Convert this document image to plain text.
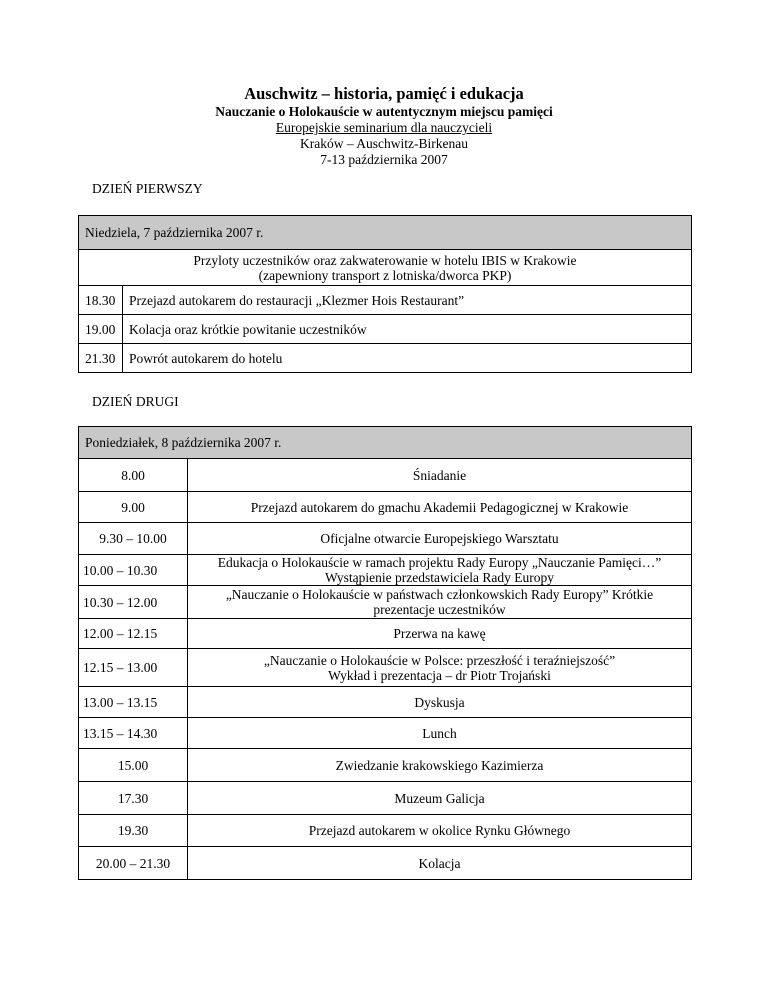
Auschwitz – historia, pamięć i edukacja
Nauczanie o Holokauście w autentycznym miejscu pamięci
Europejskie seminarium dla nauczycieli
Kraków – Auschwitz-Birkenau
7-13 października 2007
DZIEŃ PIERWSZY
Niedziela, 7 października 2007 r.	

Przyloty uczestników oraz zakwaterowanie w hotelu IBIS w Krakowie
(zapewniony transport z lotniska/dworca PKP)	

18.30	Przejazd autokarem do restauracji „Klezmer Hois Restaurant”
19.00	Kolacja oraz krótkie powitanie uczestników
21.30	Powrót autokarem do hotelu
DZIEŃ DRUGI
Poniedziałek, 8 października 2007 r.	
8.00	Śniadanie
9.00	Przejazd autokarem do gmachu Akademii Pedagogicznej w Krakowie
9.30 – 10.00	Oficjalne otwarcie Europejskiego Warsztatu
10.00 – 10.30	Edukacja o Holokauście w ramach projektu Rady Europy „Nauczanie Pamięci…”
Wystąpienie przedstawiciela Rady Europy

10.30 – 12.00	„Nauczanie o Holokauście w państwach członkowskich Rady Europy” Krótkie
prezentacje uczestników

12.00 – 12.15	Przerwa na kawę
12.15 – 13.00	„Nauczanie o Holokauście w Polsce: przeszłość i teraźniejszość”
Wykład i prezentacja – dr Piotr Trojański

13.00 – 13.15	Dyskusja
13.15 – 14.30	Lunch
15.00	Zwiedzanie krakowskiego Kazimierza
17.30	Muzeum Galicja
19.30	Przejazd autokarem w okolice Rynku Głównego
20.00 – 21.30	Kolacja
